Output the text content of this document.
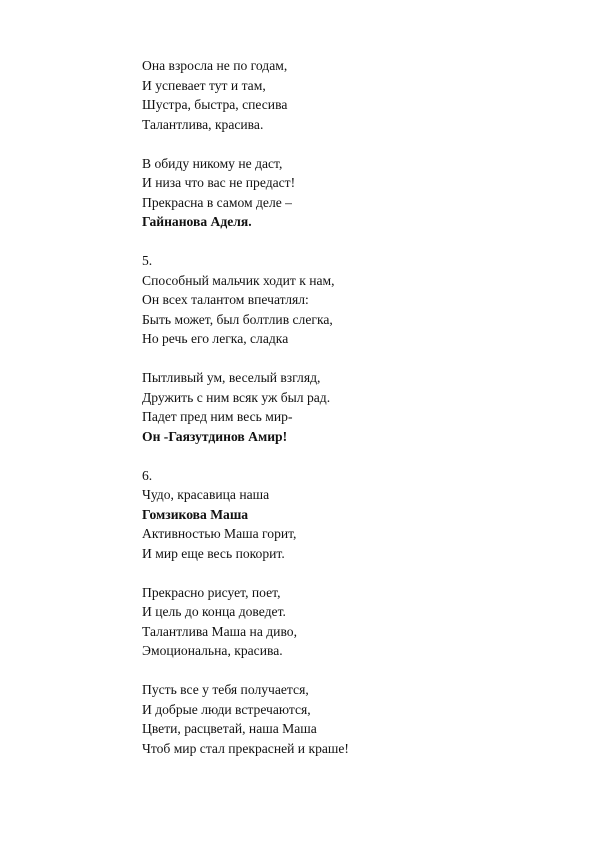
Она взросла не по годам,
И успевает тут и там,
Шустра, быстра, спесива
Талантлива, красива.
В обиду никому не даст,
И низа что вас не предаст!
Прекрасна в самом деле –
Гайнанова Аделя.
5.
Способный мальчик ходит к нам,
Он всех талантом впечатлял:
Быть может, был болтлив слегка,
Но речь его легка, сладка
Пытливый ум, веселый взгляд,
Дружить с ним всяк уж был рад.
Падет пред ним весь мир-
Он -Гаязутдинов Амир!
6.
Чудо, красавица наша
Гомзикова Маша
Активностью Маша горит,
И мир еще весь покорит.
Прекрасно рисует, поет,
И цель до конца доведет.
Талантлива Маша на диво,
Эмоциональна, красива.
Пусть все у тебя получается,
И добрые люди встречаются,
Цвети, расцветай, наша Маша
Чтоб мир стал прекрасней и краше!
